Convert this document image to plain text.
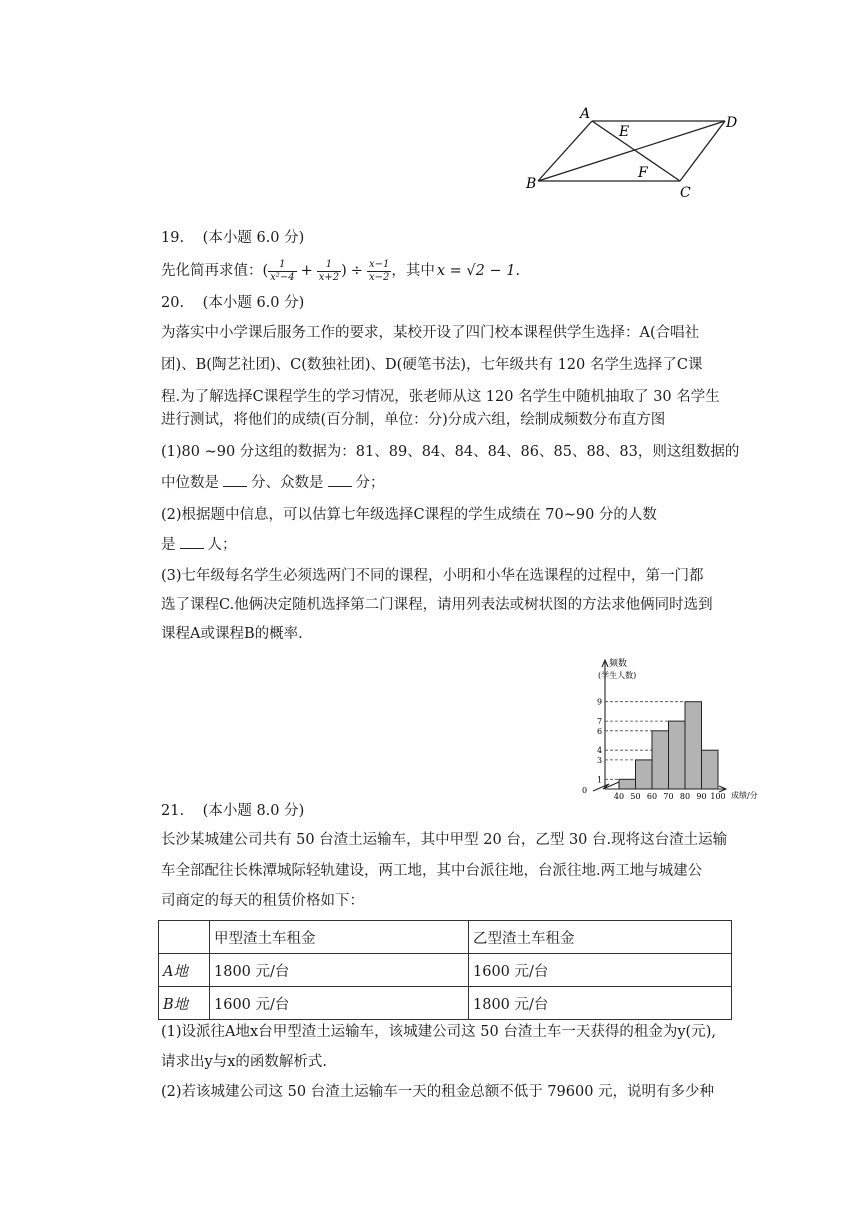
A
D
E
F
B
C
19. (本小题 6.0 分)
先化简再求值：( $\frac{1}{\text{x²−4}} + \frac{1}{x+2}$ ) ÷ $\frac{x-1}{x-2}$ ，其中 x = √2 − 1.
20. (本小题 6.0 分)
为落实中小学课后服务工作的要求，某校开设了四门校本课程供学生选择：A(合唱社
团)、B(陶艺社团)、C(数独社团)、D(硬笔书法)，七年级共有 120 名学生选择了C课
程.为了解选择C课程学生的学习情况，张老师从这 120 名学生中随机抽取了 30 名学生
进行测试，将他们的成绩(百分制，单位：分)分成六组，绘制成频数分布直方图
(1)80 ∼90 分这组的数据为：81、89、84、84、84、86、85、88、83，则这组数据的
中位数是 分、众数是 分；
(2)根据题中信息，可以估算七年级选择C课程的学生成绩在 70∼90 分的人数
是 人；
(3)七年级每名学生必须选两门不同的课程，小明和小华在选课程的过程中，第一门都
选了课程C.他俩决定随机选择第二门课程，请用列表法或树状图的方法求他俩同时选到
课程A或课程B的概率.
1
3
4
6
7
9
40 50 60 70 80 90 100
0
频数
(学生人数)
成绩/分
21. (本小题 8.0 分)
长沙某城建公司共有 50 台渣土运输车，其中甲型 20 台，乙型 30 台.现将这台渣土运输
车全部配往长株潭城际轻轨建设，两工地，其中台派往地，台派往地.两工地与城建公
司商定的每天的租赁价格如下：
	甲型渣土车租金	乙型渣土车租金
A地	1800 元/台	1600 元/台
B地	1600 元/台	1800 元/台
(1)设派往A地x台甲型渣土运输车，该城建公司这 50 台渣土车一天获得的租金为y(元),
请求出y与x的函数解析式.
(2)若该城建公司这 50 台渣土运输车一天的租金总额不低于 79600 元，说明有多少种
